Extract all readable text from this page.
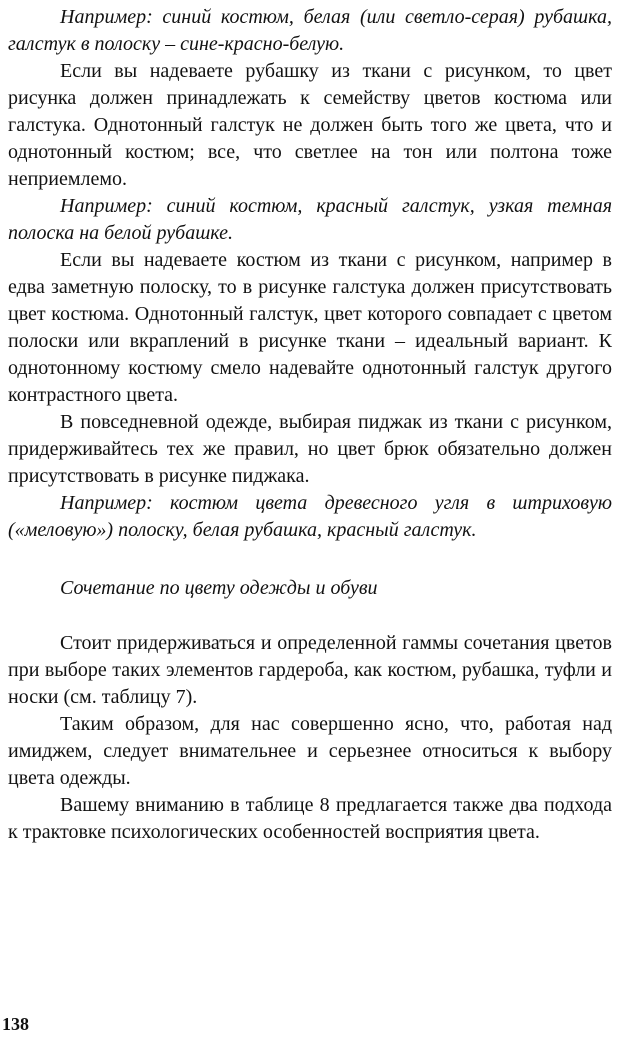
Например: синий костюм, белая (или светло-серая) рубашка, галстук в полоску – сине-красно-белую.

Если вы надеваете рубашку из ткани с рисунком, то цвет рисунка должен принадлежать к семейству цветов костюма или галстука. Однотонный галстук не должен быть того же цвета, что и однотонный костюм; все, что светлее на тон или полтона тоже неприемлемо.

Например: синий костюм, красный галстук, узкая темная полоска на белой рубашке.

Если вы надеваете костюм из ткани с рисунком, например в едва заметную полоску, то в рисунке галстука должен присутствовать цвет костюма. Однотонный галстук, цвет которого совпадает с цветом полоски или вкраплений в рисунке ткани – идеальный вариант. К однотонному костюму смело надевайте однотонный галстук другого контрастного цвета.

В повседневной одежде, выбирая пиджак из ткани с рисунком, придерживайтесь тех же правил, но цвет брюк обязательно должен присутствовать в рисунке пиджака.

Например: костюм цвета древесного угля в штриховую («меловую») полоску, белая рубашка, красный галстук.

Сочетание по цвету одежды и обуви

Стоит придерживаться и определенной гаммы сочетания цветов при выборе таких элементов гардероба, как костюм, рубашка, туфли и носки (см. таблицу 7).

Таким образом, для нас совершенно ясно, что, работая над имиджем, следует внимательнее и серьезнее относиться к выбору цвета одежды.

Вашему вниманию в таблице 8 предлагается также два подхода к трактовке психологических особенностей восприятия цвета.

138
